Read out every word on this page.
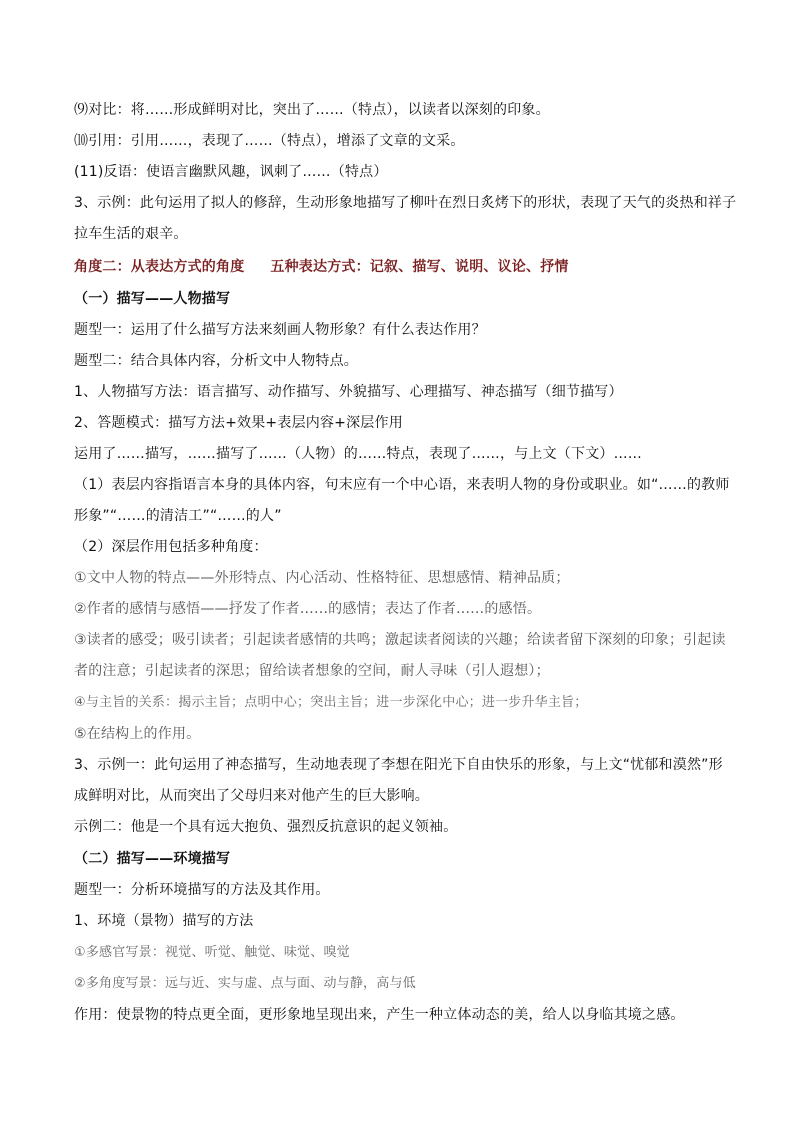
⑼对比：将……形成鲜明对比，突出了……（特点），以读者以深刻的印象。
⑽引用：引用……，表现了……（特点），增添了文章的文采。
(11)反语：使语言幽默风趣，讽刺了……（特点）
3、示例：此句运用了拟人的修辞，生动形象地描写了柳叶在烈日炙烤下的形状，表现了天气的炎热和祥子
拉车生活的艰辛。
角度二：从表达方式的角度 五种表达方式：记叙、描写、说明、议论、抒情
（一）描写——人物描写
题型一：运用了什么描写方法来刻画人物形象？有什么表达作用？
题型二：结合具体内容，分析文中人物特点。
1、人物描写方法：语言描写、动作描写、外貌描写、心理描写、神态描写（细节描写）
2、答题模式：描写方法+效果+表层内容+深层作用
运用了……描写，……描写了……（人物）的……特点，表现了……，与上文（下文）……
（1）表层内容指语言本身的具体内容，句末应有一个中心语，来表明人物的身份或职业。如“……的教师
形象”“……的清洁工”“……的人”
（2）深层作用包括多种角度：
①文中人物的特点——外形特点、内心活动、性格特征、思想感情、精神品质；
②作者的感情与感悟——抒发了作者……的感情；表达了作者……的感悟。
③读者的感受；吸引读者；引起读者感情的共鸣；激起读者阅读的兴趣；给读者留下深刻的印象；引起读
者的注意；引起读者的深思；留给读者想象的空间，耐人寻味（引人遐想）；
④与主旨的关系：揭示主旨；点明中心；突出主旨；进一步深化中心；进一步升华主旨；
⑤在结构上的作用。
3、示例一：此句运用了神态描写，生动地表现了李想在阳光下自由快乐的形象，与上文“忧郁和漠然”形
成鲜明对比，从而突出了父母归来对他产生的巨大影响。
示例二：他是一个具有远大抱负、强烈反抗意识的起义领袖。
（二）描写——环境描写
题型一：分析环境描写的方法及其作用。
1、环境（景物）描写的方法
①多感官写景：视觉、听觉、触觉、味觉、嗅觉
②多角度写景：远与近、实与虚、点与面、动与静，高与低
作用：使景物的特点更全面，更形象地呈现出来，产生一种立体动态的美，给人以身临其境之感。
